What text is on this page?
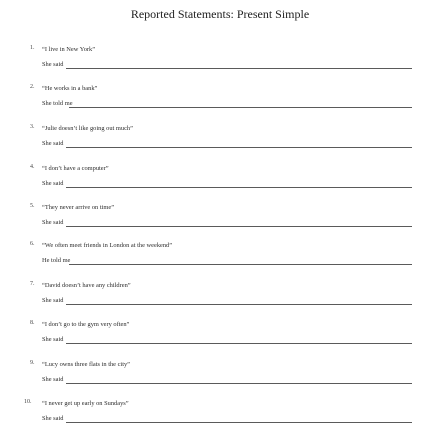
Reported Statements: Present Simple
1. “I live in New York”
She said
2. “He works in a bank”
She told me
3. “Julie doesn’t like going out much”
She said
4. “I don’t have a computer”
She said
5. “They never arrive on time”
She said
6. “We often meet friends in London at the weekend”
He told me
7. “David doesn’t have any children”
She said
8. “I don’t go to the gym very often”
She said
9. “Lucy owns three flats in the city”
She said
10. “I never get up early on Sundays”
She said
